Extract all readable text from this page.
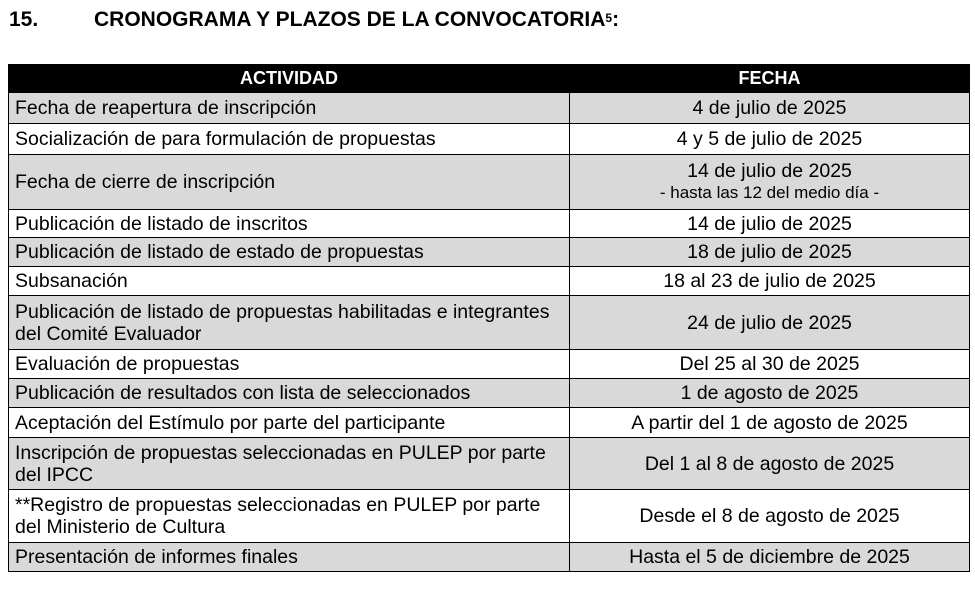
15.	CRONOGRAMA Y PLAZOS DE LA CONVOCATORIA$^5$:
ACTIVIDAD	FECHA
Fecha de reapertura de inscripción	4 de julio de 2025
Socialización de para formulación de propuestas	4 y 5 de julio de 2025
Fecha de cierre de inscripción	14 de julio de 2025
- hasta las 12 del medio día -

Publicación de listado de inscritos	14 de julio de 2025
Publicación de listado de estado de propuestas	18 de julio de 2025
Subsanación	18 al 23 de julio de 2025
Publicación de listado de propuestas habilitadas e integrantes del Comité Evaluador	24 de julio de 2025
Evaluación de propuestas	Del 25 al 30 de 2025
Publicación de resultados con lista de seleccionados	1 de agosto de 2025
Aceptación del Estímulo por parte del participante	A partir del 1 de agosto de 2025
Inscripción de propuestas seleccionadas en PULEP por parte del IPCC	Del 1 al 8 de agosto de 2025
**Registro de propuestas seleccionadas en PULEP por parte del Ministerio de Cultura	Desde el 8 de agosto de 2025
Presentación de informes finales	Hasta el 5 de diciembre de 2025
